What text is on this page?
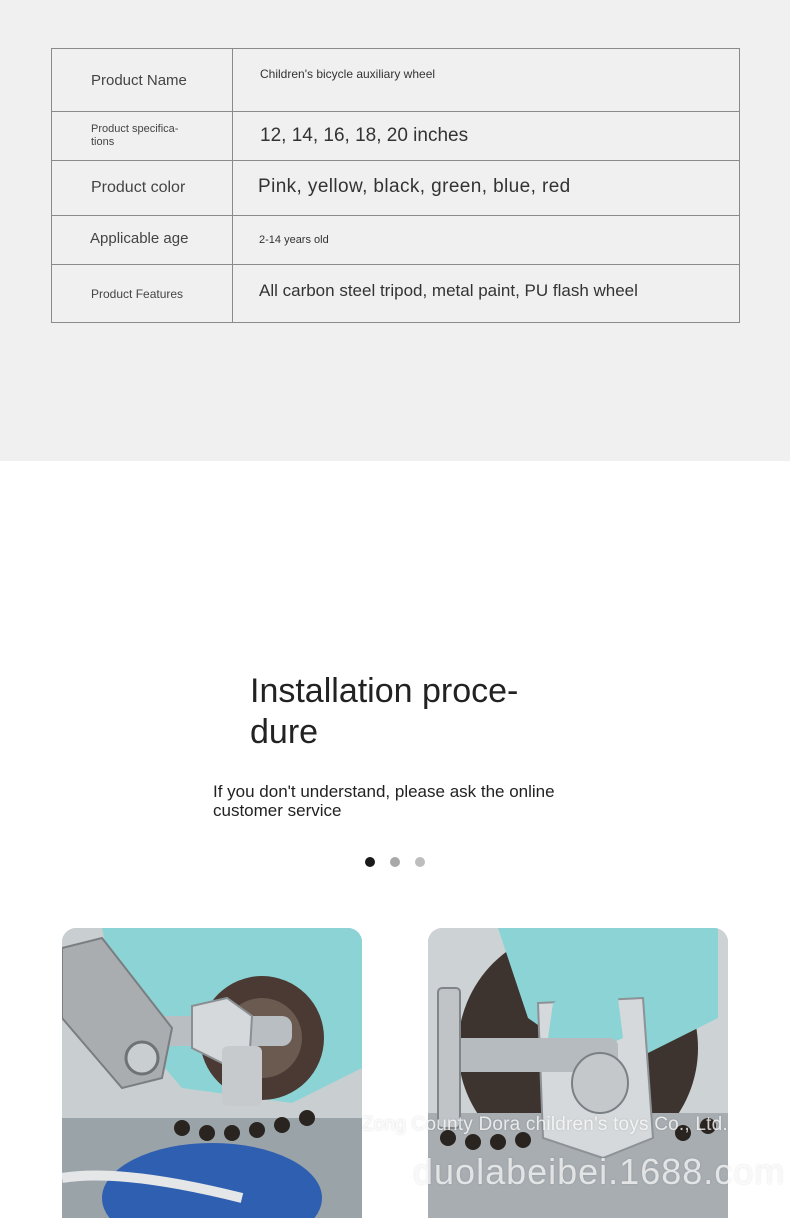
Product Name	Children's bicycle auxiliary wheel
Product specifica-
tions	12, 14, 16, 18, 20 inches
Product color	Pink, yellow, black, green, blue, red
Applicable age	2-14 years old
Product Features	All carbon steel tripod, metal paint, PU flash wheel
Installation proce-
dure
If you don't understand, please ask the online customer service
Zong County Dora children's toys Co., Ltd.
duolabeibei.1688.com
